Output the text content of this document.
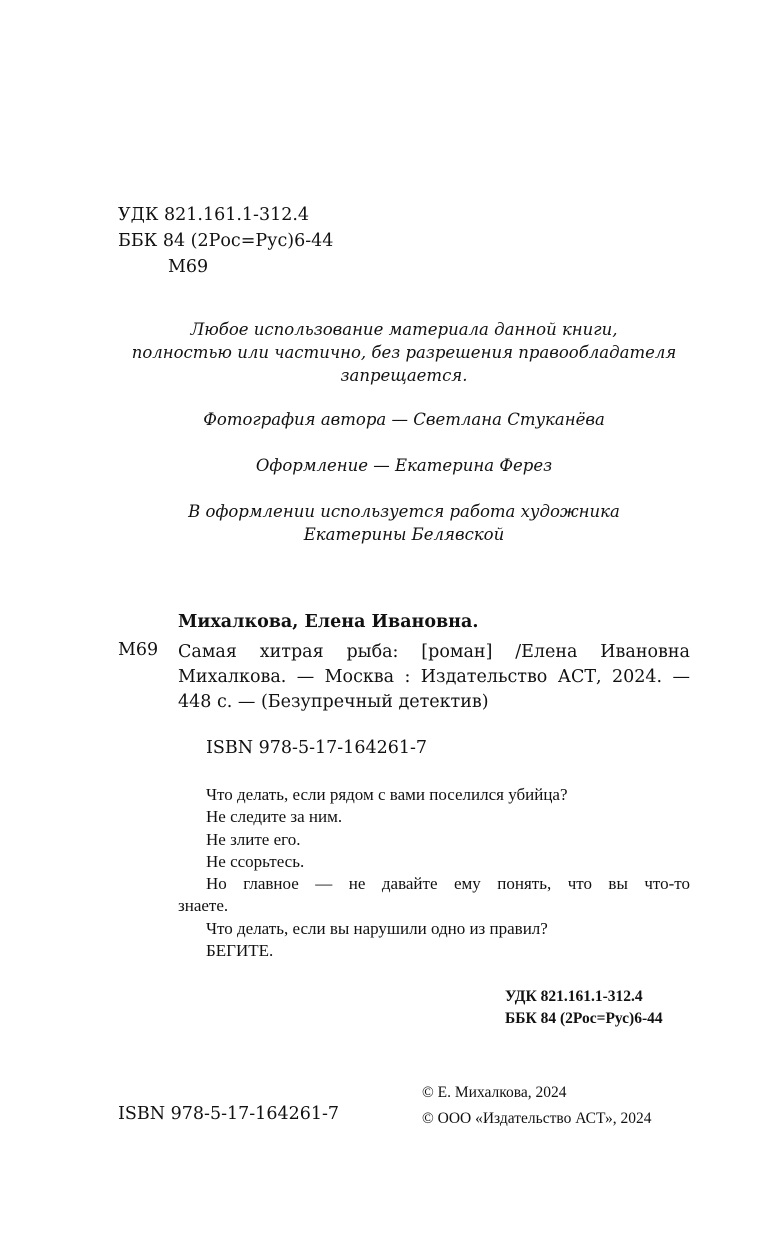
УДК 821.161.1-312.4
ББК 84 (2Рос=Рус)6-44
М69
Любое использование материала данной книги,
полностью или частично, без разрешения правообладателя
запрещается.
Фотография автора — Светлана Стуканёва
Оформление — Екатерина Ферез
В оформлении используется работа художника
Екатерины Белявской
Михалкова, Елена Ивановна.
М69 Самая хитрая рыба: [роман] /Елена Ивановна
Михалкова. — Москва : Издательство АСТ, 2024. —
448 с. — (Безупречный детектив)
ISBN 978-5-17-164261-7
Что делать, если рядом с вами поселился убийца?
Не следите за ним.
Не злите его.
Не ссорьтесь.
Но главное — не давайте ему понять, что вы что-то
знаете.
Что делать, если вы нарушили одно из правил?
БЕГИТЕ.
УДК 821.161.1-312.4
ББК 84 (2Рос=Рус)6-44
© Е. Михалкова, 2024
© ООО «Издательство АСТ», 2024
ISBN 978-5-17-164261-7
